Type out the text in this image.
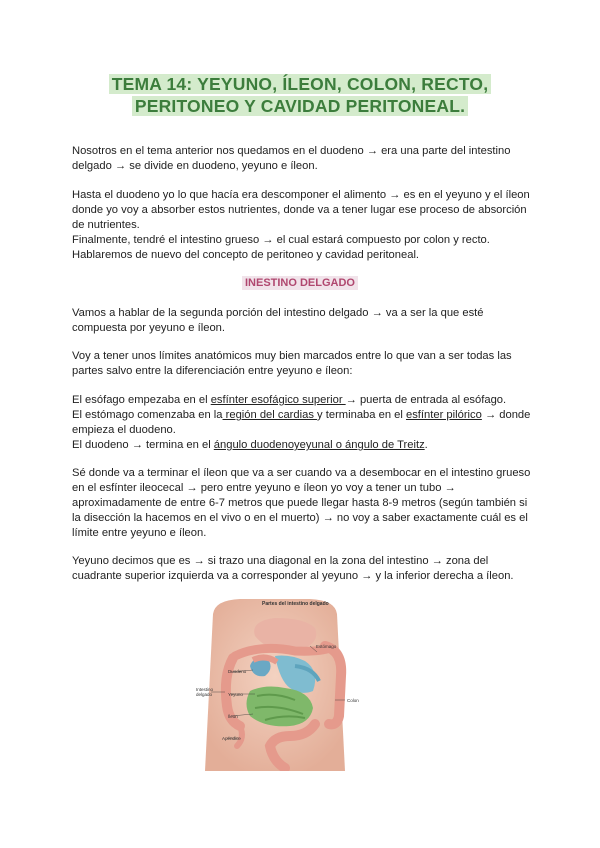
TEMA 14: YEYUNO, ÍLEON, COLON, RECTO,
PERITONEO Y CAVIDAD PERITONEAL.

Nosotros en el tema anterior nos quedamos en el duodeno → era una parte del intestino delgado → se divide en duodeno, yeyuno e íleon.

Hasta el duodeno yo lo que hacía era descomponer el alimento → es en el yeyuno y el íleon donde yo voy a absorber estos nutrientes, donde va a tener lugar ese proceso de absorción de nutrientes.

Finalmente, tendré el intestino grueso → el cual estará compuesto por colon y recto.

Hablaremos de nuevo del concepto de peritoneo y cavidad peritoneal.

INESTINO DELGADO

Vamos a hablar de la segunda porción del intestino delgado → va a ser la que esté compuesta por yeyuno e íleon.

Voy a tener unos límites anatómicos muy bien marcados entre lo que van a ser todas las partes salvo entre la diferenciación entre yeyuno e íleon:

El esófago empezaba en el esfínter esofágico superior → puerta de entrada al esófago.

El estómago comenzaba en la región del cardias y terminaba en el esfínter pilórico → donde empieza el duodeno.

El duodeno → termina en el ángulo duodenoyeyunal o ángulo de Treitz.

Sé donde va a terminar el íleon que va a ser cuando va a desembocar en el intestino grueso en el esfínter ileocecal → pero entre yeyuno e íleon yo voy a tener un tubo → aproximadamente de entre 6-7 metros que puede llegar hasta 8-9 metros (según también si la disección la hacemos en el vivo o en el muerto) → no voy a saber exactamente cuál es el límite entre yeyuno e íleon.

Yeyuno decimos que es → si trazo una diagonal en la zona del intestino → zona del cuadrante superior izquierda va a corresponder al yeyuno → y la inferior derecha a íleon.

Partes del intestino delgado
Duodeno
Intestino delgado	Yeyuno
Íleon
Apéndice
Estómago
Colon
